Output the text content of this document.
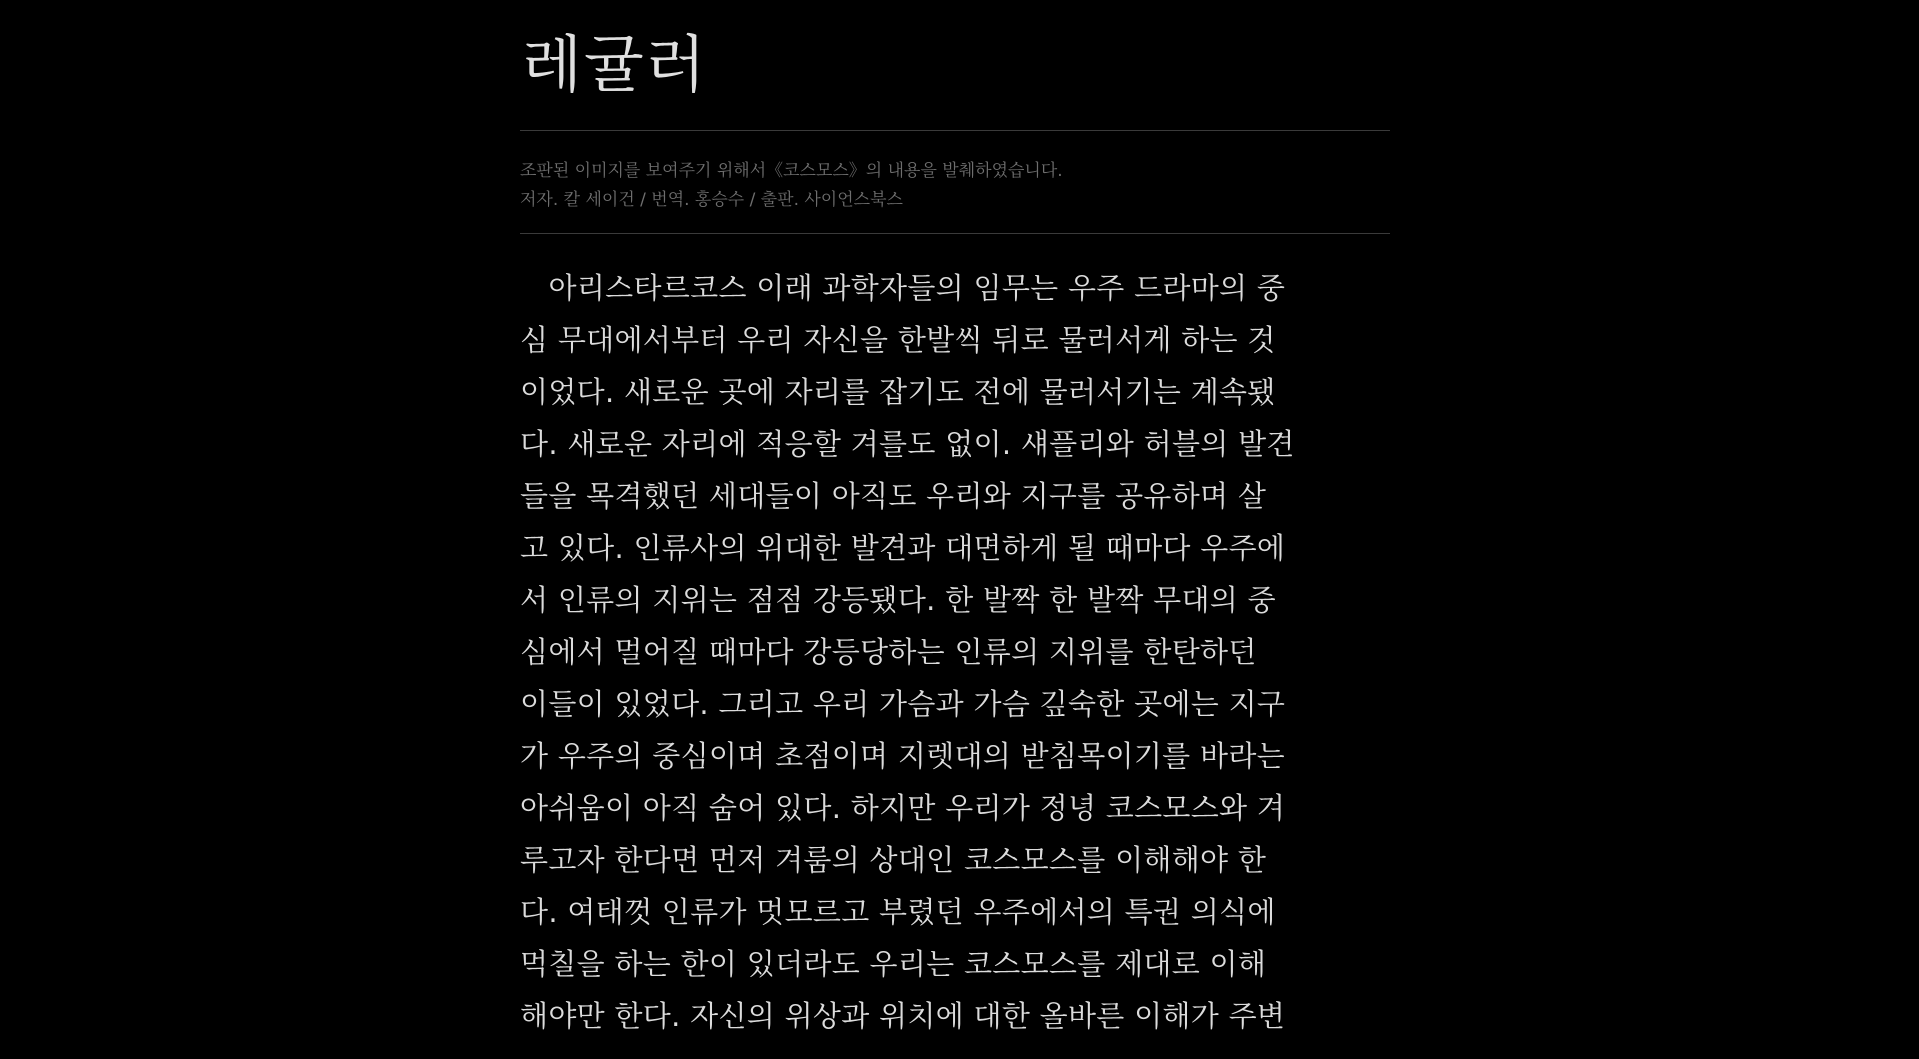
레귤러
조판된 이미지를 보여주기 위해서《코스모스》의 내용을 발췌하였습니다.
저자. 칼 세이건 / 번역. 홍승수 / 출판. 사이언스북스
아리스타르코스 이래 과학자들의 임무는 우주 드라마의 중
심 무대에서부터 우리 자신을 한발씩 뒤로 물러서게 하는 것
이었다. 새로운 곳에 자리를 잡기도 전에 물러서기는 계속됐
다. 새로운 자리에 적응할 겨를도 없이. 섀플리와 허블의 발견
들을 목격했던 세대들이 아직도 우리와 지구를 공유하며 살
고 있다. 인류사의 위대한 발견과 대면하게 될 때마다 우주에
서 인류의 지위는 점점 강등됐다. 한 발짝 한 발짝 무대의 중
심에서 멀어질 때마다 강등당하는 인류의 지위를 한탄하던
이들이 있었다. 그리고 우리 가슴과 가슴 깊숙한 곳에는 지구
가 우주의 중심이며 초점이며 지렛대의 받침목이기를 바라는
아쉬움이 아직 숨어 있다. 하지만 우리가 정녕 코스모스와 겨
루고자 한다면 먼저 겨룸의 상대인 코스모스를 이해해야 한
다. 여태껏 인류가 멋모르고 부렸던 우주에서의 특권 의식에
먹칠을 하는 한이 있더라도 우리는 코스모스를 제대로 이해
해야만 한다. 자신의 위상과 위치에 대한 올바른 이해가 주변
